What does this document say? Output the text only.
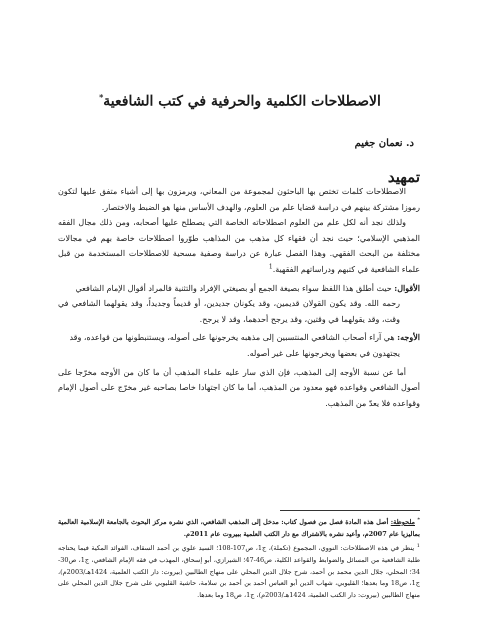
الاصطلاحات الكلمية والحرفية في كتب الشافعية*
د. نعمان جغيم
تمهيد

الاصطلاحات كلمات تختص بها الباحثون لمجموعة من المعاني، ويرمزون بها إلى أشياء متفق عليها لتكون رموزا مشتركة بينهم في دراسة قضايا علم من العلوم، والهدف الأساس منها هو الضبط والاختصار.

ولذلك نجد أنه لكل علم من العلوم اصطلاحاته الخاصة التي يصطلح عليها أصحابه، ومن ذلك مجال الفقه المذهبي الإسلامي؛ حيث نجد أن فقهاء كل مذهب من المذاهب طوّروا اصطلاحات خاصة بهم في مجالات مختلفة من البحث الفقهي. وهذا الفصل عبارة عن دراسة وصفية مسحية للاصطلاحات المستخدمة من قبل علماء الشافعية في كتبهم ودراساتهم الفقهية.$^1$

الأقوال: حيث أطلق هذا اللفظ سواء بصيغة الجمع أو بصيغتي الإفراد والتثنية فالمراد أقوال الإمام الشافعي
رحمه الله. وقد يكون القولان قديمين، وقد يكونان جديدين، أو قديماً وجديداً، وقد يقولهما الشافعي في وقت، وقد يقولهما في وقتين، وقد يرجح أحدهما، وقد لا يرجح.

الأوجه: هي آراء أصحاب الشافعي المنتسبين إلى مذهبه يخرجونها على أصوله، ويستنبطونها من قواعده، وقد
يجتهدون في بعضها ويخرجونها على غير أصوله.

أما عن نسبة الأوجه إلى المذهب، فإن الذي سار عليه علماء المذهب أن ما كان من الأوجه مخرّجا على أصول الشافعي وقواعده فهو معدود من المذهب، أما ما كان اجتهادا خاصا بصاحبه غير مخرّج على أصول الإمام وقواعده فلا يعدّ من المذهب.

* ملحوظة: أصل هذه المادة فصل من فصول كتاب: مدخل إلى المذهب الشافعي، الذي نشره مركز البحوث بالجامعة الإسلامية العالمية بماليزيا عام 2007م، وأعيد نشره بالاشتراك مع دار الكتب العلمية ببيروت عام 2011م.

$^1$ ينظر في هذه الاصطلاحات: النووي، المجموع (تكملة)، ج1، ص107-108؛ السيد علوي بن أحمد السقاف، الفوائد المكية فيما يحتاجه طلبة الشافعية من المسائل والضوابط والقواعد الكلية، ص46-47؛ الشيرازي، أبو إسحاق، المهذب في فقه الإمام الشافعي، ج1، ص30-34؛ المحلي، جلال الدين محمد بن أحمد، شرح جلال الدين المحلي على منهاج الطالبين (بيروت: دار الكتب العلمية، 1424هـ/2003م)، ج1، ص18 وما بعدها؛ القليوبي، شهاب الدين أبو العباس أحمد بن أحمد بن سلامة، حاشية القليوبي على شرح جلال الدين المحلي على منهاج الطالبين (بيروت: دار الكتب العلمية، 1424هـ/2003م)، ج1، ص18 وما بعدها.
